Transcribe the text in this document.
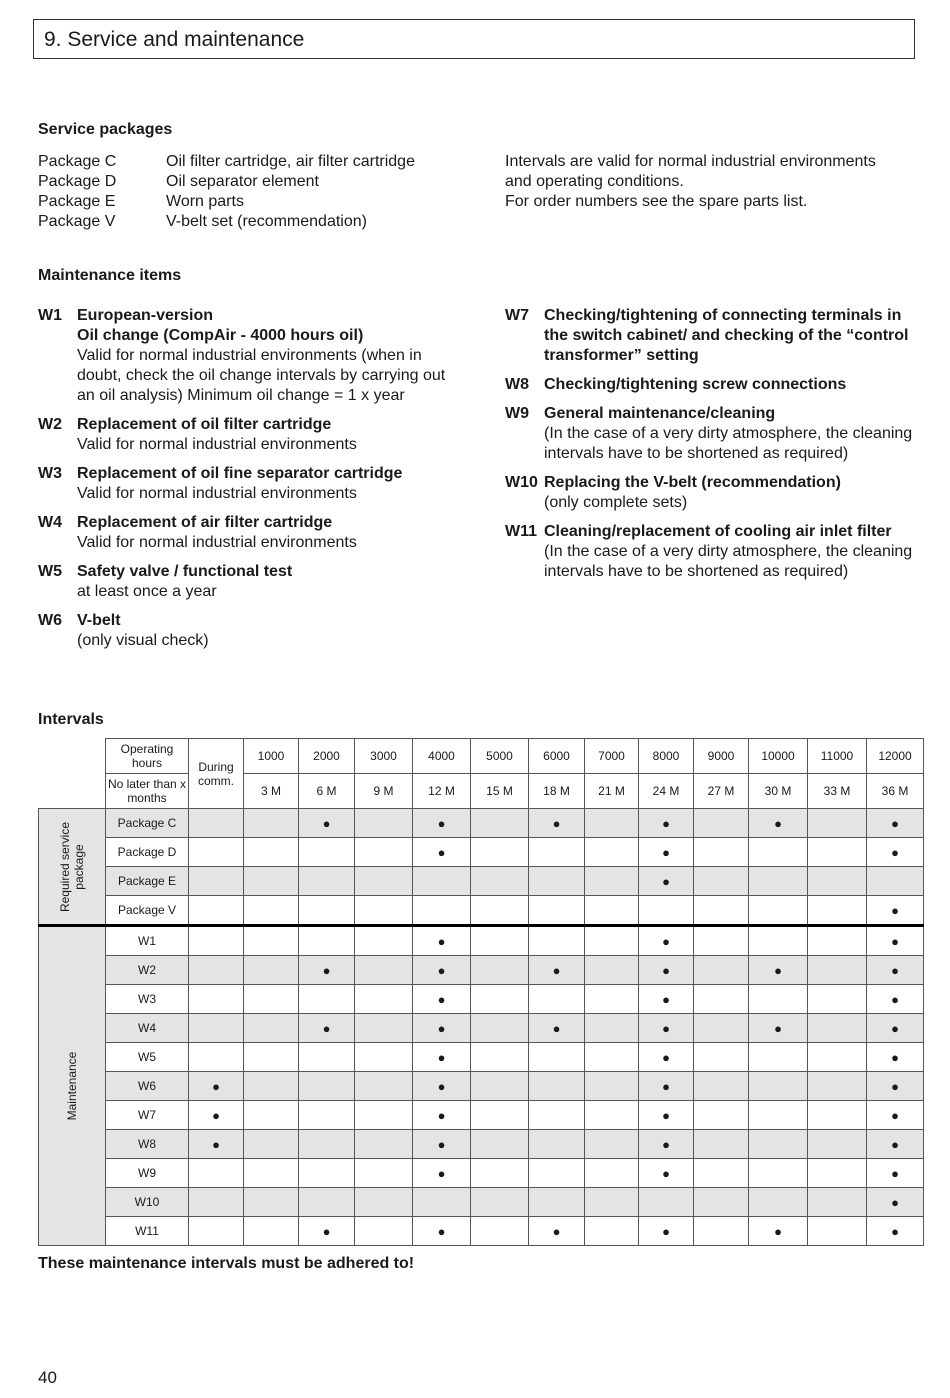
9. Service and maintenance
Service packages
Package C	Oil filter cartridge, air filter cartridge
Package D	Oil separator element
Package E	Worn parts
Package V	V-belt set (recommendation)
Intervals are valid for normal industrial environments
and operating conditions.
For order numbers see the spare parts list.
Maintenance items
W1 European-version
Oil change (CompAir - 4000 hours oil)
Valid for normal industrial environments (when in doubt, check the oil change intervals by carrying out an oil analysis) Minimum oil change = 1 x year
W2 Replacement of oil filter cartridge
Valid for normal industrial environments
W3 Replacement of oil fine separator cartridge
Valid for normal industrial environments
W4 Replacement of air filter cartridge
Valid for normal industrial environments
W5 Safety valve / functional test
at least once a year
W6 V-belt
(only visual check)
W7 Checking/tightening of connecting terminals in the switch cabinet/ and checking of the “control transformer” setting
W8 Checking/tightening screw connections
W9 General maintenance/cleaning
(In the case of a very dirty atmosphere, the cleaning intervals have to be shortened as required)
W10 Replacing the V-belt (recommendation)
(only complete sets)
W11 Cleaning/replacement of cooling air inlet filter
(In the case of a very dirty atmosphere, the cleaning intervals have to be shortened as required)
Intervals
	Operating hours	During comm.	1000	2000	3000	4000	5000	6000	7000	8000	9000	10000	11000	12000
	No later than x months		3 M	6 M	9 M	12 M	15 M	18 M	21 M	24 M	27 M	30 M	33 M	36 M

Required service package	Package C			●		●		●		●		●		●
	Package D					●				●				●
	Package E									●				
	Package V													●

Maintenance	W1					●				●				●
	W2			●		●		●		●		●		●
	W3					●				●				●
	W4			●		●		●		●		●		●
	W5					●				●				●
	W6	●				●				●				●
	W7	●				●				●				●
	W8	●				●				●				●
	W9					●				●				●
	W10													●
	W11			●		●		●		●		●		●
These maintenance intervals must be adhered to!
40
